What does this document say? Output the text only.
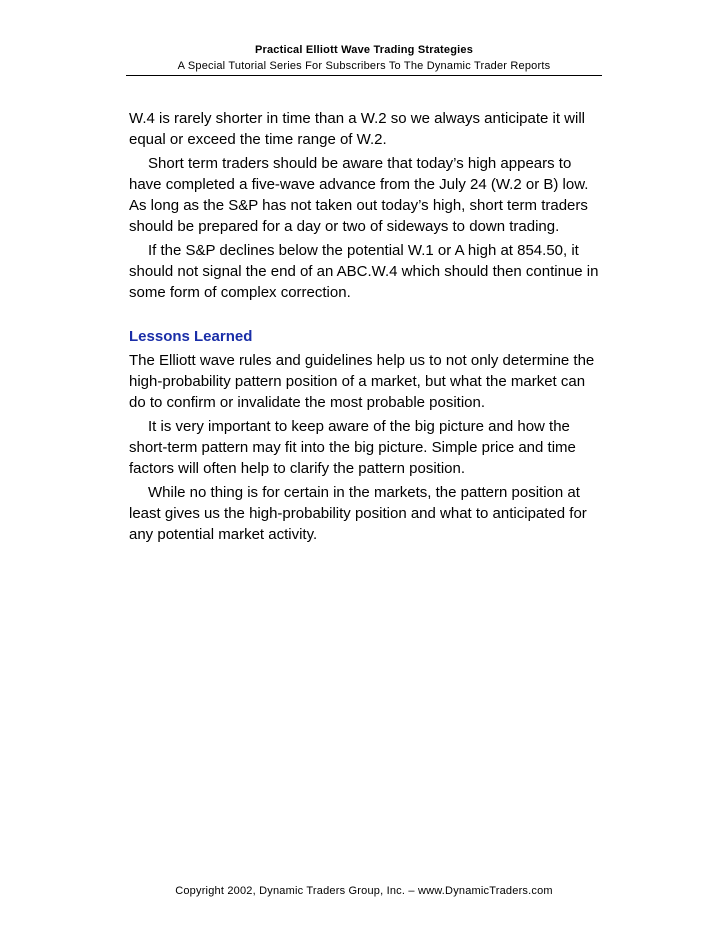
Practical Elliott Wave Trading Strategies
A Special Tutorial Series For Subscribers To The Dynamic Trader Reports

W.4 is rarely shorter in time than a W.2 so we always anticipate it will equal or exceed the time range of W.2.

Short term traders should be aware that today’s high appears to have completed a five-wave advance from the July 24 (W.2 or B) low. As long as the S&P has not taken out today’s high, short term traders should be prepared for a day or two of sideways to down trading.

If the S&P declines below the potential W.1 or A high at 854.50, it should not signal the end of an ABC.W.4 which should then continue in some form of complex correction.

Lessons Learned

The Elliott wave rules and guidelines help us to not only determine the high-probability pattern position of a market, but what the market can do to confirm or invalidate the most probable position.

It is very important to keep aware of the big picture and how the short-term pattern may fit into the big picture. Simple price and time factors will often help to clarify the pattern position.

While no thing is for certain in the markets, the pattern position at least gives us the high-probability position and what to anticipated for any potential market activity.

Copyright 2002, Dynamic Traders Group, Inc. – www.DynamicTraders.com
